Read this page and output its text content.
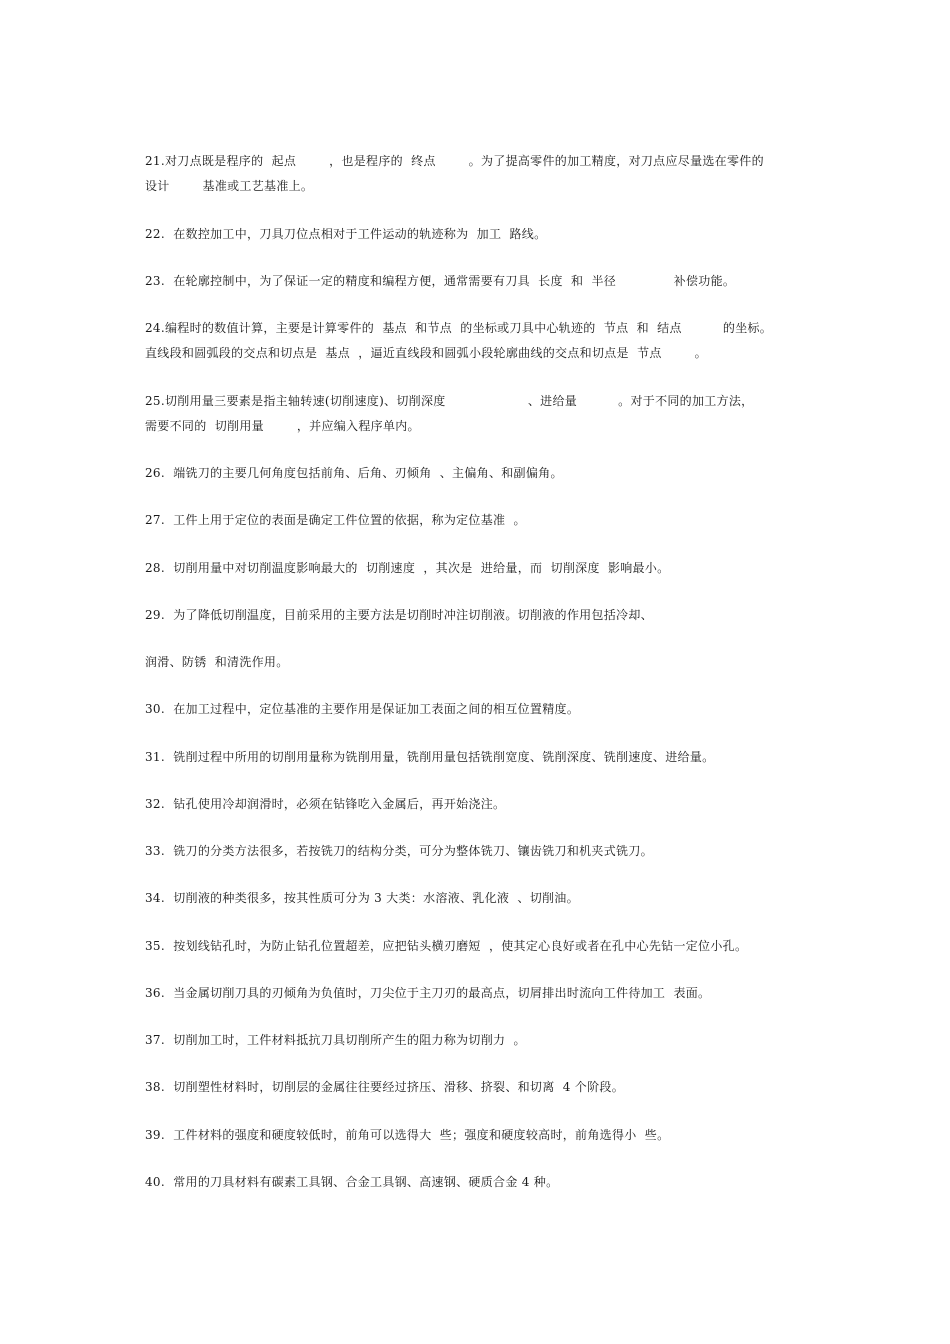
21.对刀点既是程序的  起点        ，也是程序的  终点        。为了提高零件的加工精度，对刀点应尽量选在零件的
设计        基准或工艺基准上。
22.  在数控加工中，刀具刀位点相对于工件运动的轨迹称为  加工  路线。
23.  在轮廓控制中，为了保证一定的精度和编程方便，通常需要有刀具  长度  和  半径              补偿功能。
24.编程时的数值计算，主要是计算零件的  基点  和节点  的坐标或刀具中心轨迹的  节点  和  结点          的坐标。
直线段和圆弧段的交点和切点是  基点  ，逼近直线段和圆弧小段轮廓曲线的交点和切点是  节点        。
25.切削用量三要素是指主轴转速(切削速度)、切削深度                    、进给量          。对于不同的加工方法，
需要不同的  切削用量        ，并应编入程序单内。
26.  端铣刀的主要几何角度包括前角、后角、刃倾角  、主偏角、和副偏角。
27.  工件上用于定位的表面是确定工件位置的依据，称为定位基准  。
28.  切削用量中对切削温度影响最大的  切削速度  ，其次是  进给量，而  切削深度  影响最小。
29.  为了降低切削温度，目前采用的主要方法是切削时冲注切削液。切削液的作用包括冷却、
润滑、防锈  和清洗作用。
30.  在加工过程中，定位基准的主要作用是保证加工表面之间的相互位置精度。
31.  铣削过程中所用的切削用量称为铣削用量，铣削用量包括铣削宽度、铣削深度、铣削速度、进给量。
32.  钻孔使用冷却润滑时，必须在钻锋吃入金属后，再开始浇注。
33.  铣刀的分类方法很多，若按铣刀的结构分类，可分为整体铣刀、镶齿铣刀和机夹式铣刀。
34.  切削液的种类很多，按其性质可分为 3 大类：水溶液、乳化液  、切削油。
35.  按划线钻孔时，为防止钻孔位置超差，应把钻头横刃磨短  ，使其定心良好或者在孔中心先钻一定位小孔。
36.  当金属切削刀具的刃倾角为负值时，刀尖位于主刀刃的最高点，切屑排出时流向工件待加工  表面。
37.  切削加工时，工件材料抵抗刀具切削所产生的阻力称为切削力  。
38.  切削塑性材料时，切削层的金属往往要经过挤压、滑移、挤裂、和切离  4 个阶段。
39.  工件材料的强度和硬度较低时，前角可以选得大  些；强度和硬度较高时，前角选得小  些。
40.  常用的刀具材料有碳素工具钢、合金工具钢、高速钢、硬质合金 4 种。
